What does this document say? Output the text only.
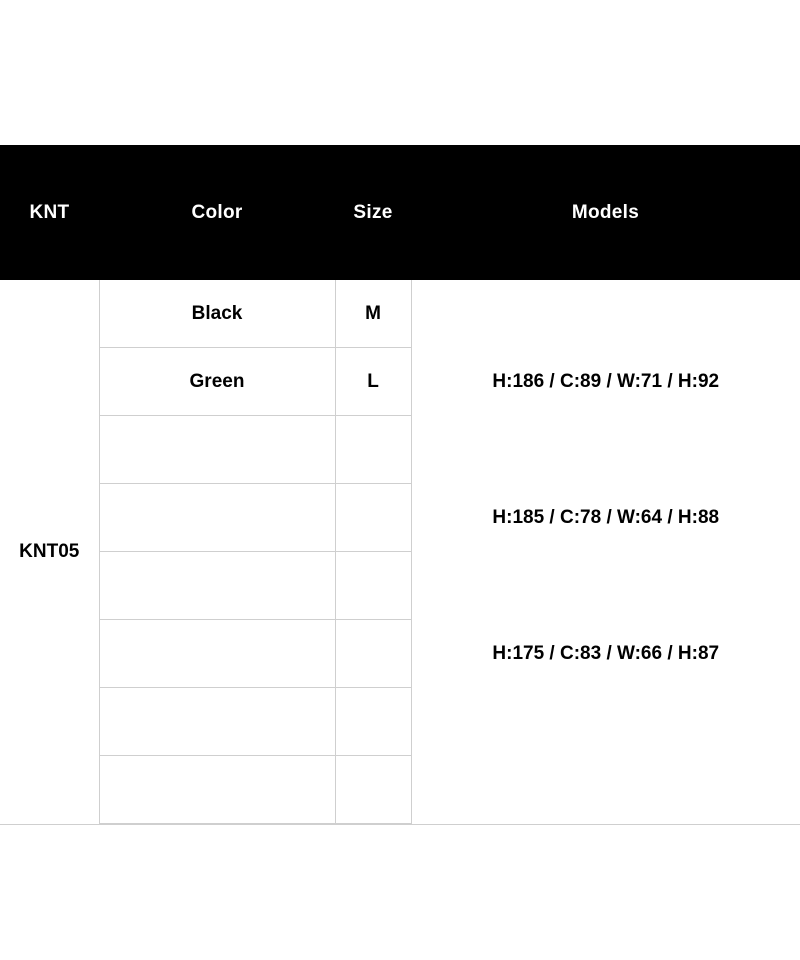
KNT	Color	Size	Models
KNT05	Black	M	FELIX
	Green	L	H:186 / C:89 / W:71 / H:92
			MARCO
			H:185 / C:78 / W:64 / H:88
			ZEN
			H:175 / C:83 / W:66 / H:87
